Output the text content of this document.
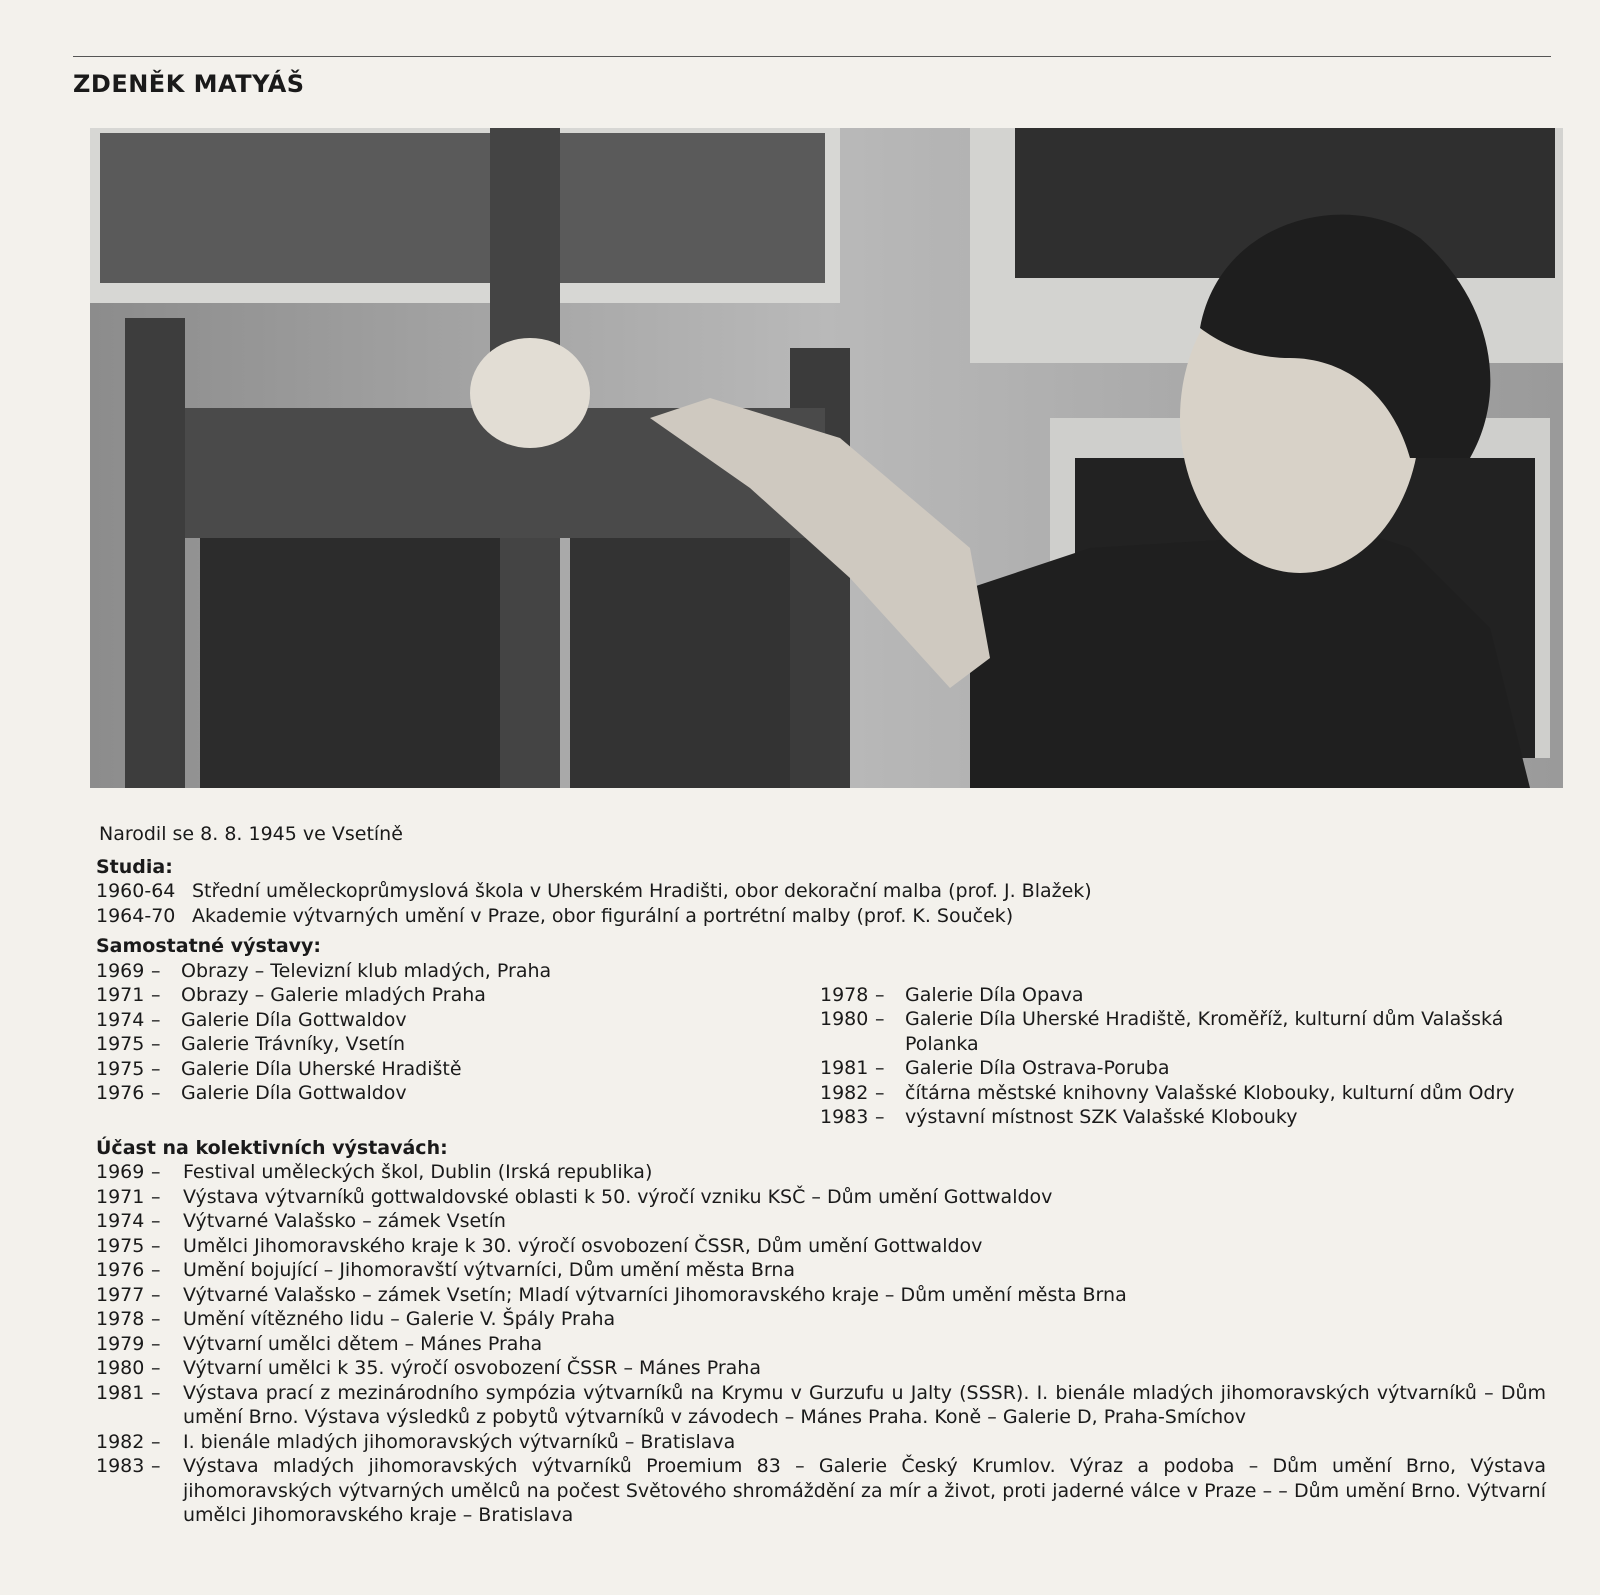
ZDENĚK MATYÁŠ

Narodil se 8. 8. 1945 ve Vsetíně

Studia:

1960-64 Střední uměleckoprůmyslová škola v Uherském Hradišti, obor dekorační malba (prof. J. Blažek)
1964-70 Akademie výtvarných umění v Praze, obor figurální a portrétní malby (prof. K. Souček)

Samostatné výstavy:

1969 –	Obrazy – Televizní klub mladých, Praha
1971 –	Obrazy – Galerie mladých Praha
1974 –	Galerie Díla Gottwaldov
1975 –	Galerie Trávníky, Vsetín
1975 –	Galerie Díla Uherské Hradiště
1976 –	Galerie Díla Gottwaldov
1978 –	Galerie Díla Opava
1980 –	Galerie Díla Uherské Hradiště, Kroměříž, kulturní dům Valašská Polanka
1981 –	Galerie Díla Ostrava-Poruba
1982 –	čítárna městské knihovny Valašské Klobouky, kulturní dům Odry
1983 –	výstavní místnost SZK Valašské Klobouky

Účast na kolektivních výstavách:

1969 –	Festival uměleckých škol, Dublin (Irská republika)
1971 –	Výstava výtvarníků gottwaldovské oblasti k 50. výročí vzniku KSČ – Dům umění Gottwaldov
1974 –	Výtvarné Valašsko – zámek Vsetín
1975 –	Umělci Jihomoravského kraje k 30. výročí osvobození ČSSR, Dům umění Gottwaldov
1976 –	Umění bojující – Jihomoravští výtvarníci, Dům umění města Brna
1977 –	Výtvarné Valašsko – zámek Vsetín; Mladí výtvarníci Jihomoravského kraje – Dům umění města Brna
1978 –	Umění vítězného lidu – Galerie V. Špály Praha
1979 –	Výtvarní umělci dětem – Mánes Praha
1980 –	Výtvarní umělci k 35. výročí osvobození ČSSR – Mánes Praha
1981 –	Výstava prací z mezinárodního sympózia výtvarníků na Krymu v Gurzufu u Jalty (SSSR). I. bienále mladých jihomoravských výtvarníků – Dům umění Brno. Výstava výsledků z pobytů výtvarníků v závodech – Mánes Praha. Koně – Galerie D, Praha-Smíchov
1982 –	I. bienále mladých jihomoravských výtvarníků – Bratislava
1983 –	Výstava mladých jihomoravských výtvarníků Proemium 83 – Galerie Český Krumlov. Výraz a podoba – Dům umění Brno, Výstava jihomoravských výtvarných umělců na počest Světového shromáždění za mír a život, proti jaderné válce v Praze – – Dům umění Brno. Výtvarní umělci Jihomoravského kraje – Bratislava
